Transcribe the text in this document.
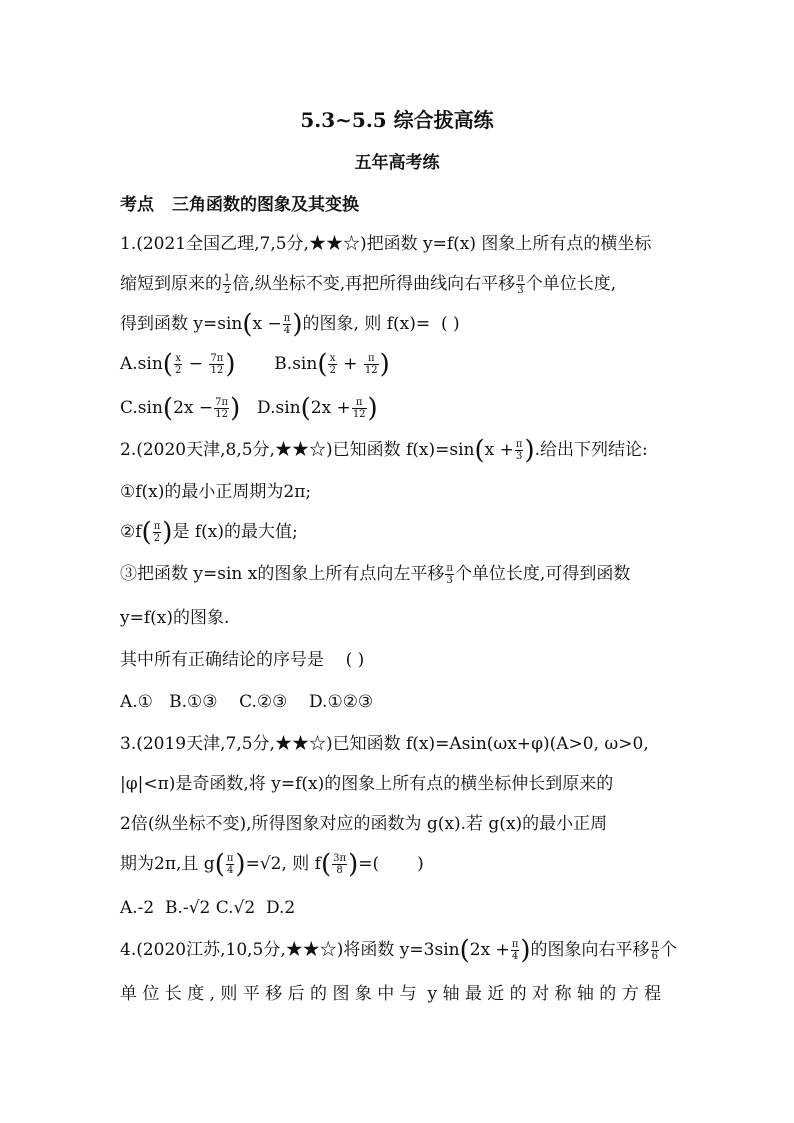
5.3~5.5 综合拔高练
五年高考练
考点 三角函数的图象及其变换
1.(2021全国乙理,7,5分,★★☆)把函数 y=f(x) 图象上所有点的横坐标
缩短到原来的 $\frac{1}{2}$ 倍,纵坐标不变,再把所得曲线向右平移 $\frac{\pi}{3}$ 个单位长度,
得到函数 $y=\sin(x - \frac{\pi}{4}$ )的图象, 则 f(x)= ( )
$A.\sin( \frac{x}{2} - \frac{7\pi}{12}$ ) $B.\sin( \frac{x}{2} + \frac{\pi}{12}$ )
$C.\sin(2x - \frac{7\pi}{12}$ ) $D.\sin(2x + \frac{\pi}{12}$ )
2.(2020天津,8,5分,★★☆)已知函数 $f(x)=\sin(x + \frac{\pi}{3}$ ).给出下列结论:
①f(x)的最小正周期为2π;
②f( $\frac{\pi}{2}$ )是 f(x)的最大值;
③把函数 y=sin x的图象上所有点向左平移 $\frac{\pi}{3}$ 个单位长度,可得到函数
y=f(x)的图象.
其中所有正确结论的序号是 ( )
A.①   B.①③    C.②③    D.①②③
3.(2019天津,7,5分,★★☆)已知函数 f(x)=Asin(ωx+φ)(A>0, ω>0,
|φ|<π)是奇函数,将 y=f(x)的图象上所有点的横坐标伸长到原来的
2倍(纵坐标不变),所得图象对应的函数为 g(x).若 g(x)的最小正周
期为2π,且 $g( \frac{\pi}{4} )=√2$, 则 $f( \frac{3\pi}{8}$ )=( )
A.-2  B.-√2 C.√2  D.2
4.(2020江苏,10,5分,★★☆)将函数 $y=3\sin(2x + \frac{\pi}{4}$ )的图象向右平移 $\frac{\pi}{6}$ 个
单 位 长 度 , 则 平 移 后 的 图 象 中 与  y 轴 最 近 的 对 称 轴 的 方 程
